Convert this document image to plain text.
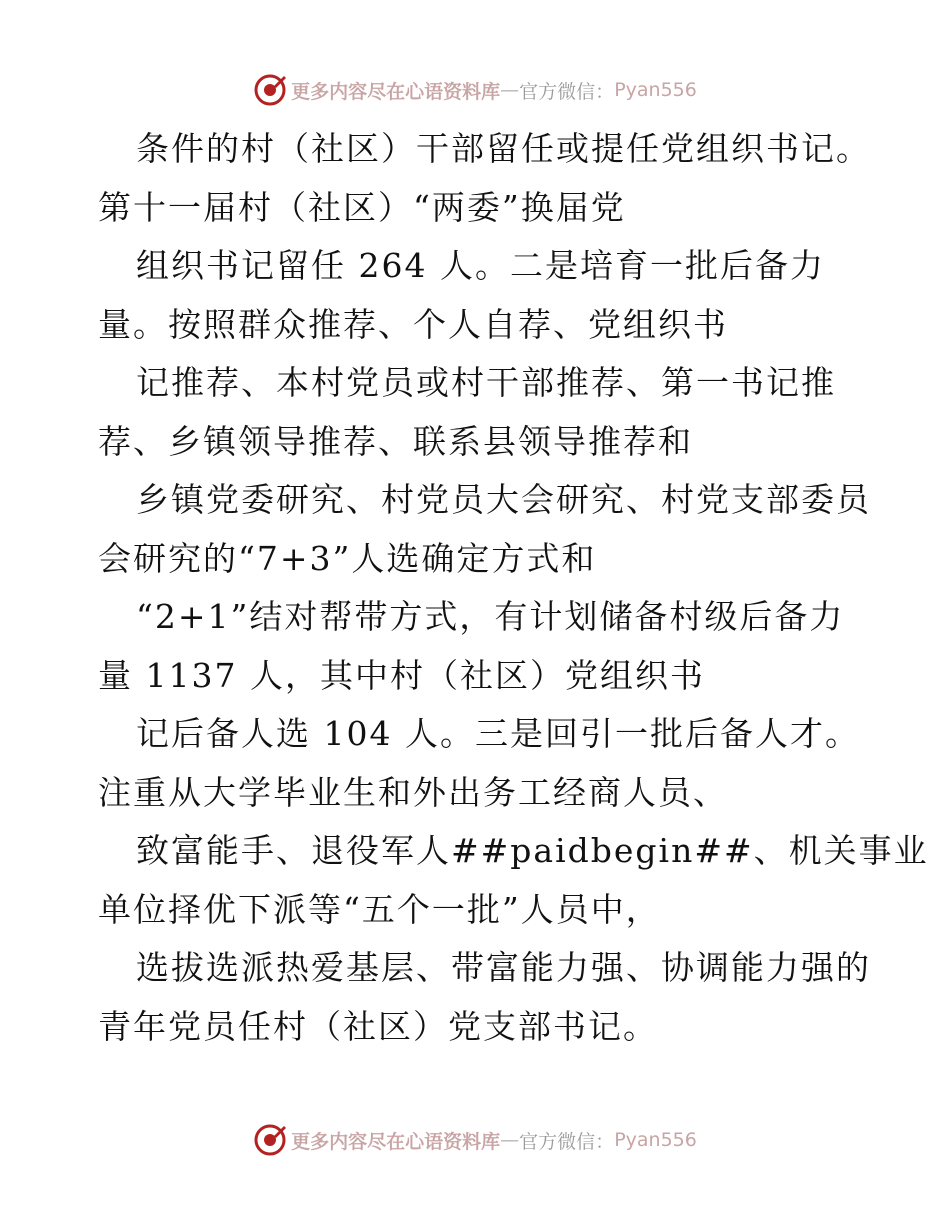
更多内容尽在心语资料库 — 官方微信： Pyan556
条件的村（社区）干部留任或提任党组织书记。
第十一届村（社区）“两委”换届党
组织书记留任 264 人。二是培育一批后备力
量。按照群众推荐、个人自荐、党组织书
记推荐、本村党员或村干部推荐、第一书记推
荐、乡镇领导推荐、联系县领导推荐和
乡镇党委研究、村党员大会研究、村党支部委员
会研究的“7+3”人选确定方式和
“2+1”结对帮带方式，有计划储备村级后备力
量 1137 人，其中村（社区）党组织书
记后备人选 104 人。三是回引一批后备人才。
注重从大学毕业生和外出务工经商人员、
致富能手、退役军人##paidbegin##、机关事业
单位择优下派等“五个一批”人员中，
选拔选派热爱基层、带富能力强、协调能力强的
青年党员任村（社区）党支部书记。
更多内容尽在心语资料库 — 官方微信： Pyan556
